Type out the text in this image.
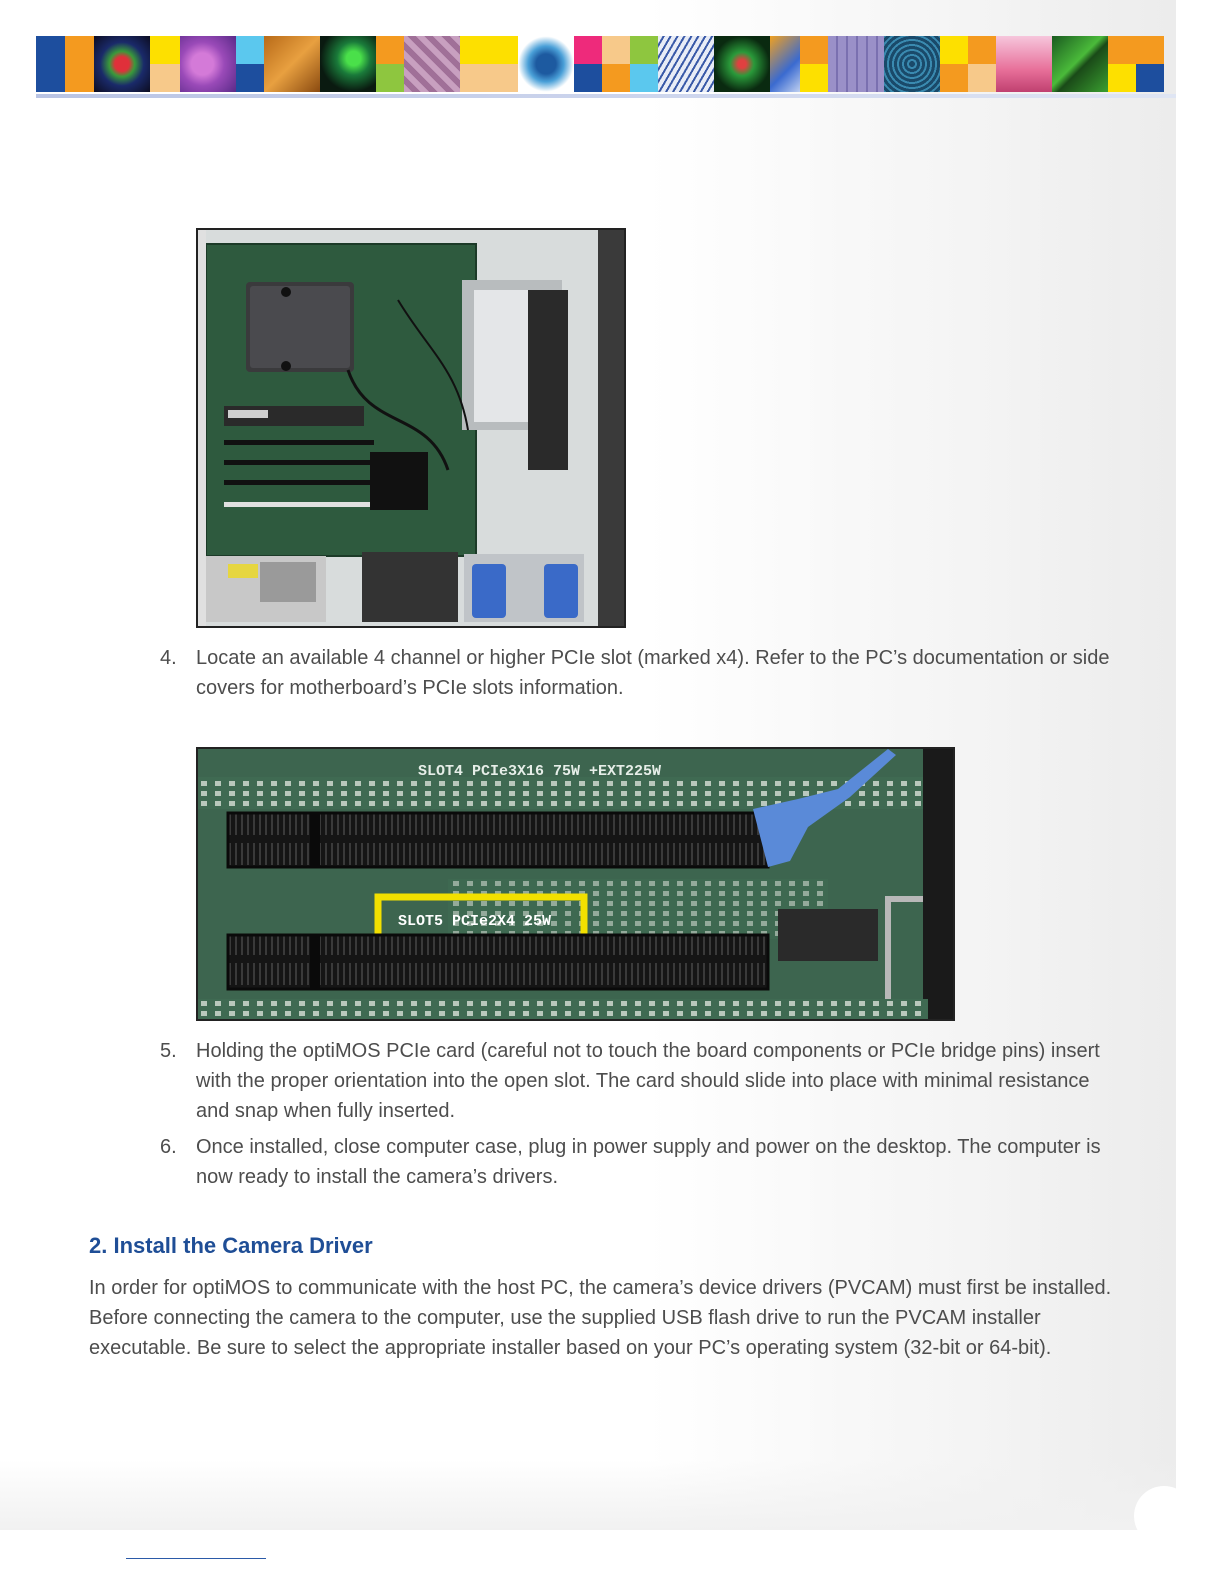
4. Locate an available 4 channel or higher PCIe slot (marked x4). Refer to the PC’s documentation or side covers for motherboard’s PCIe slots information.
SLOT5 PCIe2X4 25W
SLOT4 PCIe3X16 75W +EXT225W
5. Holding the optiMOS PCIe card (careful not to touch the board components or PCIe bridge pins) insert with the proper orientation into the open slot. The card should slide into place with minimal resistance and snap when fully inserted.
6. Once installed, close computer case, plug in power supply and power on the desktop. The computer is now ready to install the camera’s drivers.
2. Install the Camera Driver
In order for optiMOS to communicate with the host PC, the camera’s device drivers (PVCAM) must first be installed. Before connecting the camera to the computer, use the supplied USB flash drive to run the PVCAM installer executable. Be sure to select the appropriate installer based on your PC’s operating system (32-bit or 64-bit).
